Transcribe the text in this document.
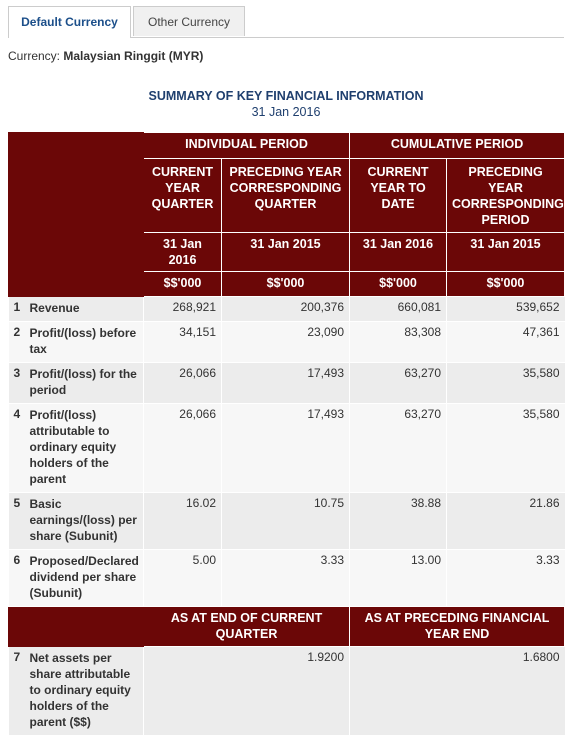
Default Currency	Other Currency
Currency: Malaysian Ringgit (MYR)
SUMMARY OF KEY FINANCIAL INFORMATION
31 Jan 2016
		INDIVIDUAL PERIOD		CUMULATIVE PERIOD	
		CURRENT YEAR QUARTER	PRECEDING YEAR CORRESPONDING QUARTER	CURRENT YEAR TO DATE	PRECEDING YEAR CORRESPONDING PERIOD
		31 Jan 2016	31 Jan 2015	31 Jan 2016	31 Jan 2015
		$$'000	$$'000	$$'000	$$'000
1	Revenue	268,921	200,376	660,081	539,652
2	Profit/(loss) before tax	34,151	23,090	83,308	47,361
3	Profit/(loss) for the period	26,066	17,493	63,270	35,580
4	Profit/(loss) attributable to ordinary equity holders of the parent	26,066	17,493	63,270	35,580
5	Basic earnings/(loss) per share (Subunit)	16.02	10.75	38.88	21.86
6	Proposed/Declared dividend per share (Subunit)	5.00	3.33	13.00	3.33
		AS AT END OF CURRENT QUARTER		AS AT PRECEDING FINANCIAL YEAR END	
7	Net assets per share attributable to ordinary equity holders of the parent ($$)	1.9200		1.6800	
